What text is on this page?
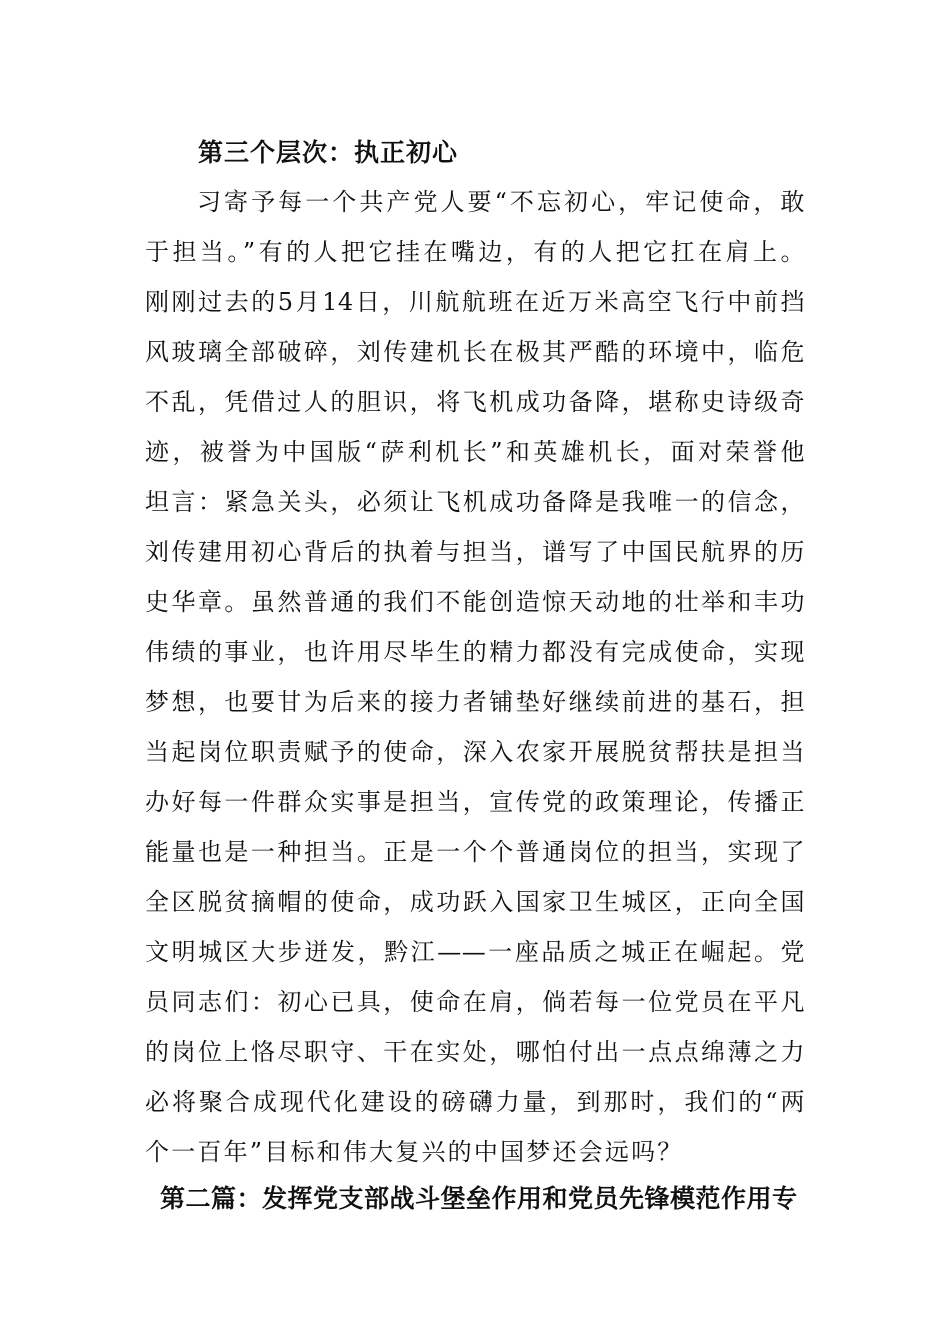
第三个层次：执正初心
习寄予每一个共产党人要“不忘初心，牢记使命，敢
于担当。”有的人把它挂在嘴边，有的人把它扛在肩上。
刚刚过去的5月14日，川航航班在近万米高空飞行中前挡
风玻璃全部破碎，刘传建机长在极其严酷的环境中，临危
不乱，凭借过人的胆识，将飞机成功备降，堪称史诗级奇
迹，被誉为中国版“萨利机长”和英雄机长，面对荣誉他
坦言：紧急关头，必须让飞机成功备降是我唯一的信念，
刘传建用初心背后的执着与担当，谱写了中国民航界的历
史华章。虽然普通的我们不能创造惊天动地的壮举和丰功
伟绩的事业，也许用尽毕生的精力都没有完成使命，实现
梦想，也要甘为后来的接力者铺垫好继续前进的基石，担
当起岗位职责赋予的使命，深入农家开展脱贫帮扶是担当
办好每一件群众实事是担当，宣传党的政策理论，传播正
能量也是一种担当。正是一个个普通岗位的担当，实现了
全区脱贫摘帽的使命，成功跃入国家卫生城区，正向全国
文明城区大步迸发，黔江——一座品质之城正在崛起。党
员同志们：初心已具，使命在肩，倘若每一位党员在平凡
的岗位上恪尽职守、干在实处，哪怕付出一点点绵薄之力
必将聚合成现代化建设的磅礴力量，到那时，我们的“两
个一百年”目标和伟大复兴的中国梦还会远吗？
第二篇：发挥党支部战斗堡垒作用和党员先锋模范作用专
